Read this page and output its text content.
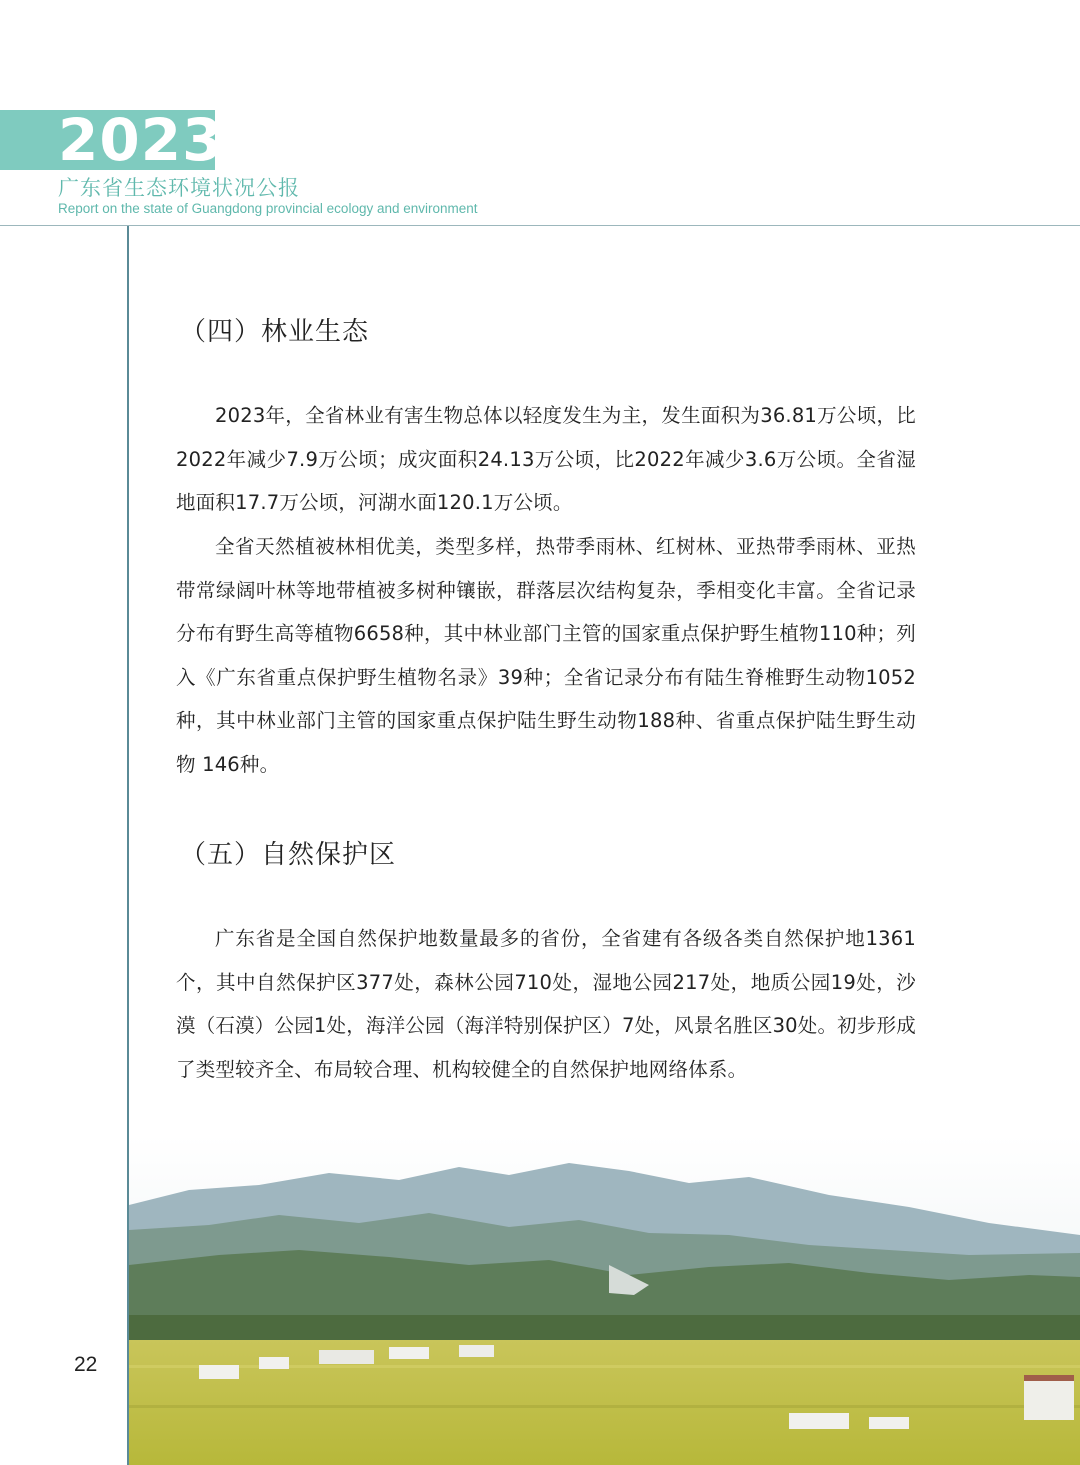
2023
广东省生态环境状况公报
Report on the state of Guangdong provincial ecology and environment
（四）林业生态
2023年，全省林业有害生物总体以轻度发生为主，发生面积为36.81万公顷，比2022年减少7.9万公顷；成灾面积24.13万公顷，比2022年减少3.6万公顷。全省湿地面积17.7万公顷，河湖水面120.1万公顷。
全省天然植被林相优美，类型多样，热带季雨林、红树林、亚热带季雨林、亚热带常绿阔叶林等地带植被多树种镶嵌，群落层次结构复杂，季相变化丰富。全省记录分布有野生高等植物6658种，其中林业部门主管的国家重点保护野生植物110种；列入《广东省重点保护野生植物名录》39种；全省记录分布有陆生脊椎野生动物1052种，其中林业部门主管的国家重点保护陆生野生动物188种、省重点保护陆生野生动物 146种。
（五）自然保护区
广东省是全国自然保护地数量最多的省份，全省建有各级各类自然保护地1361个，其中自然保护区377处，森林公园710处，湿地公园217处，地质公园19处，沙漠（石漠）公园1处，海洋公园（海洋特别保护区）7处，风景名胜区30处。初步形成了类型较齐全、布局较合理、机构较健全的自然保护地网络体系。
22
